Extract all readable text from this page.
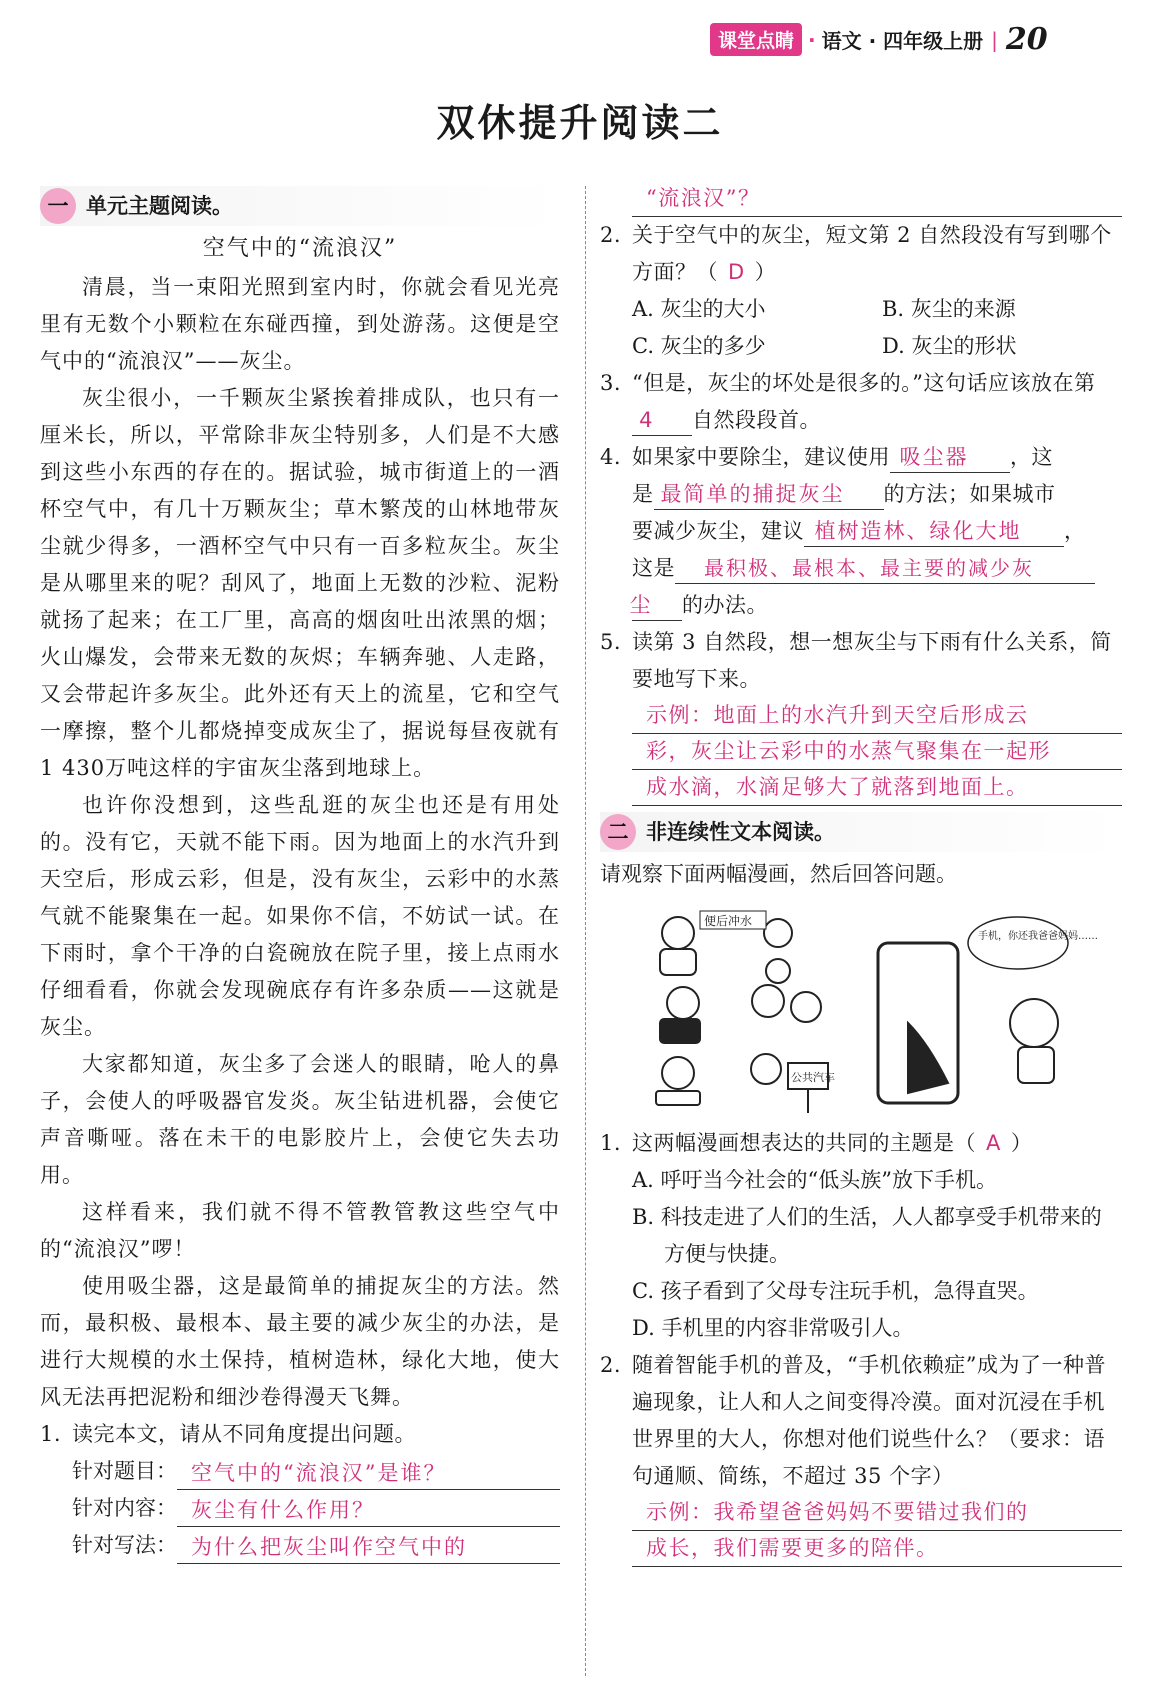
课堂点睛 · 语文 · 四年级上册 | 20
双休提升阅读二
一 单元主题阅读。
空气中的“流浪汉”

清晨，当一束阳光照到室内时，你就会看见光亮里有无数个小颗粒在东碰西撞，到处游荡。这便是空气中的“流浪汉”——灰尘。

灰尘很小，一千颗灰尘紧挨着排成队，也只有一厘米长，所以，平常除非灰尘特别多，人们是不大感到这些小东西的存在的。据试验，城市街道上的一酒杯空气中，有几十万颗灰尘；草木繁茂的山林地带灰尘就少得多，一酒杯空气中只有一百多粒灰尘。灰尘是从哪里来的呢？刮风了，地面上无数的沙粒、泥粉就扬了起来；在工厂里，高高的烟囱吐出浓黑的烟；火山爆发，会带来无数的灰烬；车辆奔驰、人走路，又会带起许多灰尘。此外还有天上的流星，它和空气一摩擦，整个儿都烧掉变成灰尘了，据说每昼夜就有1 430万吨这样的宇宙灰尘落到地球上。

也许你没想到，这些乱逛的灰尘也还是有用处的。没有它，天就不能下雨。因为地面上的水汽升到天空后，形成云彩，但是，没有灰尘，云彩中的水蒸气就不能聚集在一起。如果你不信，不妨试一试。在下雨时，拿个干净的白瓷碗放在院子里，接上点雨水仔细看看，你就会发现碗底存有许多杂质——这就是灰尘。

大家都知道，灰尘多了会迷人的眼睛，呛人的鼻子，会使人的呼吸器官发炎。灰尘钻进机器，会使它声音嘶哑。落在未干的电影胶片上，会使它失去功用。

这样看来，我们就不得不管教管教这些空气中的“流浪汉”啰！

使用吸尘器，这是最简单的捕捉灰尘的方法。然而，最积极、最根本、最主要的减少灰尘的办法，是进行大规模的水土保持，植树造林，绿化大地，使大风无法再把泥粉和细沙卷得漫天飞舞。

1. 读完本文，请从不同角度提出问题。

针对题目： 空气中的“流浪汉”是谁？
针对内容： 灰尘有什么作用？
针对写法： 为什么把灰尘叫作空气中的
“流浪汉”？

2. 关于空气中的灰尘，短文第 2 自然段没有写到哪个方面？（ D ）

A. 灰尘的大小	B. 灰尘的来源
C. 灰尘的多少	D. 灰尘的形状

3. “但是，灰尘的坏处是很多的。”这句话应该放在第4 自然段段首。

4. 如果家中要除尘，建议使用 吸尘器 ，这
是 最简单的捕捉灰尘 的方法；如果城市
要减少灰尘，建议 植树造林、绿化大地 ，
这是 最积极、最根本、最主要的减少灰
尘 的办法。

5. 读第 3 自然段，想一想灰尘与下雨有什么关系，简要地写下来。

示例：地面上的水汽升到天空后形成云
彩，灰尘让云彩中的水蒸气聚集在一起形
成水滴，水滴足够大了就落到地面上。
二 非连续性文本阅读。

请观察下面两幅漫画，然后回答问题。

便后冲水
手机，你还我爸爸妈妈……
公共汽车

1. 这两幅漫画想表达的共同的主题是（ A ）

A. 呼吁当今社会的“低头族”放下手机。

B. 科技走进了人们的生活，人人都享受手机带来的方便与快捷。

C. 孩子看到了父母专注玩手机，急得直哭。

D. 手机里的内容非常吸引人。

2. 随着智能手机的普及，“手机依赖症”成为了一种普遍现象，让人和人之间变得冷漠。面对沉浸在手机世界里的大人，你想对他们说些什么？（要求：语句通顺、简练，不超过 35 个字）

示例：我希望爸爸妈妈不要错过我们的
成长，我们需要更多的陪伴。
